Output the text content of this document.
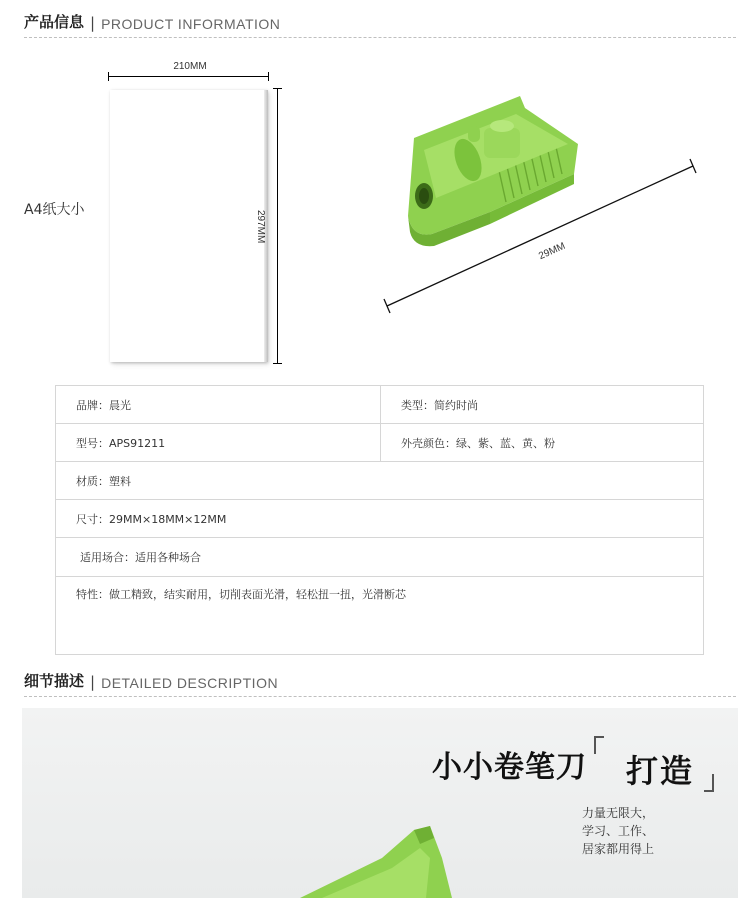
产品信息 | PRODUCT INFORMATION
A4纸大小
210MM
297MM
29MM
品牌：晨光	类型：简约时尚
型号：APS91211	外壳颜色：绿、紫、蓝、黄、粉
材质：塑料
尺寸：29MM×18MM×12MM
适用场合：适用各种场合
特性：做工精致，结实耐用，切削表面光滑，轻松扭一扭，光滑断芯
细节描述 | DETAILED DESCRIPTION
小小卷笔刀 打造
力量无限大，
学习、工作、
居家都用得上
